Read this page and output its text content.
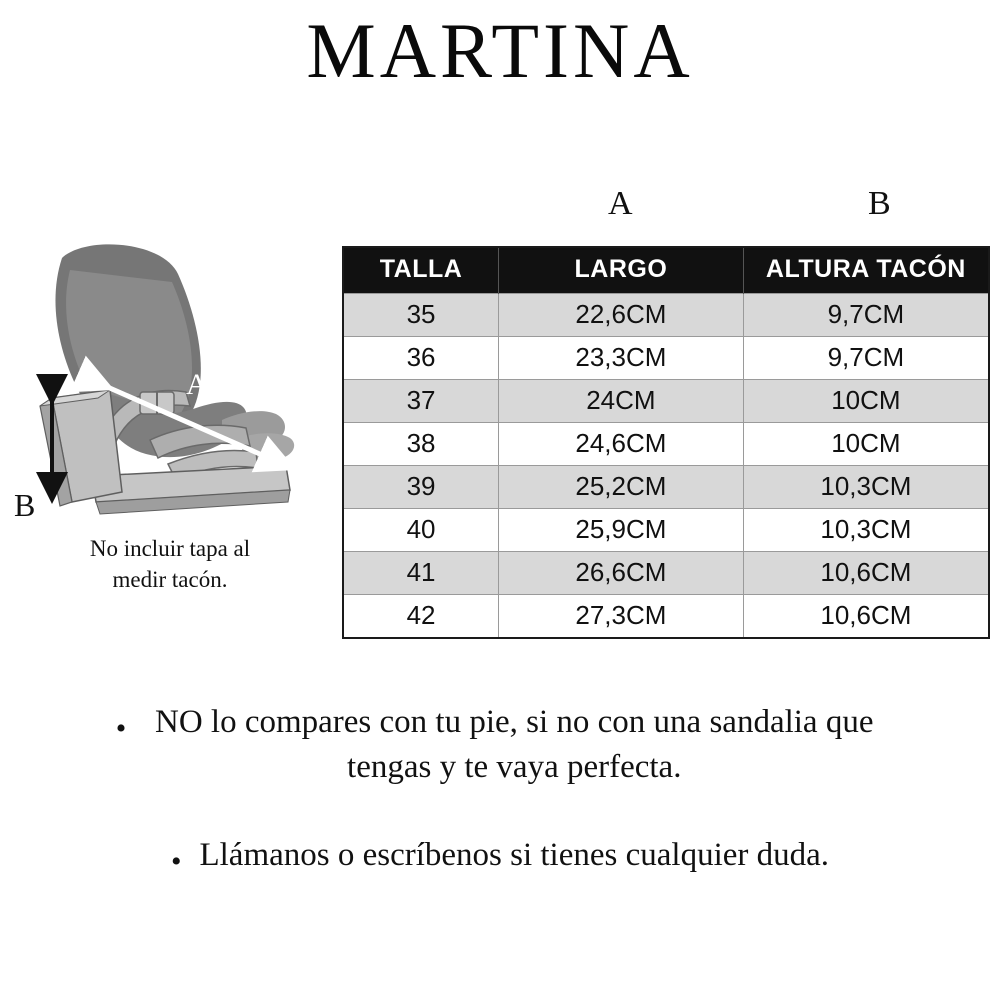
MARTINA
A	B
A
B
No incluir tapa al
medir tacón.
TALLA	LARGO	ALTURA TACÓN
35	22,6CM	9,7CM
36	23,3CM	9,7CM
37	24CM	10CM
38	24,6CM	10CM
39	25,2CM	10,3CM
40	25,9CM	10,3CM
41	26,6CM	10,6CM
42	27,3CM	10,6CM
• NO lo compares con tu pie, si no con una sandalia que tengas y te vaya perfecta.
• Llámanos o escríbenos si tienes cualquier duda.
